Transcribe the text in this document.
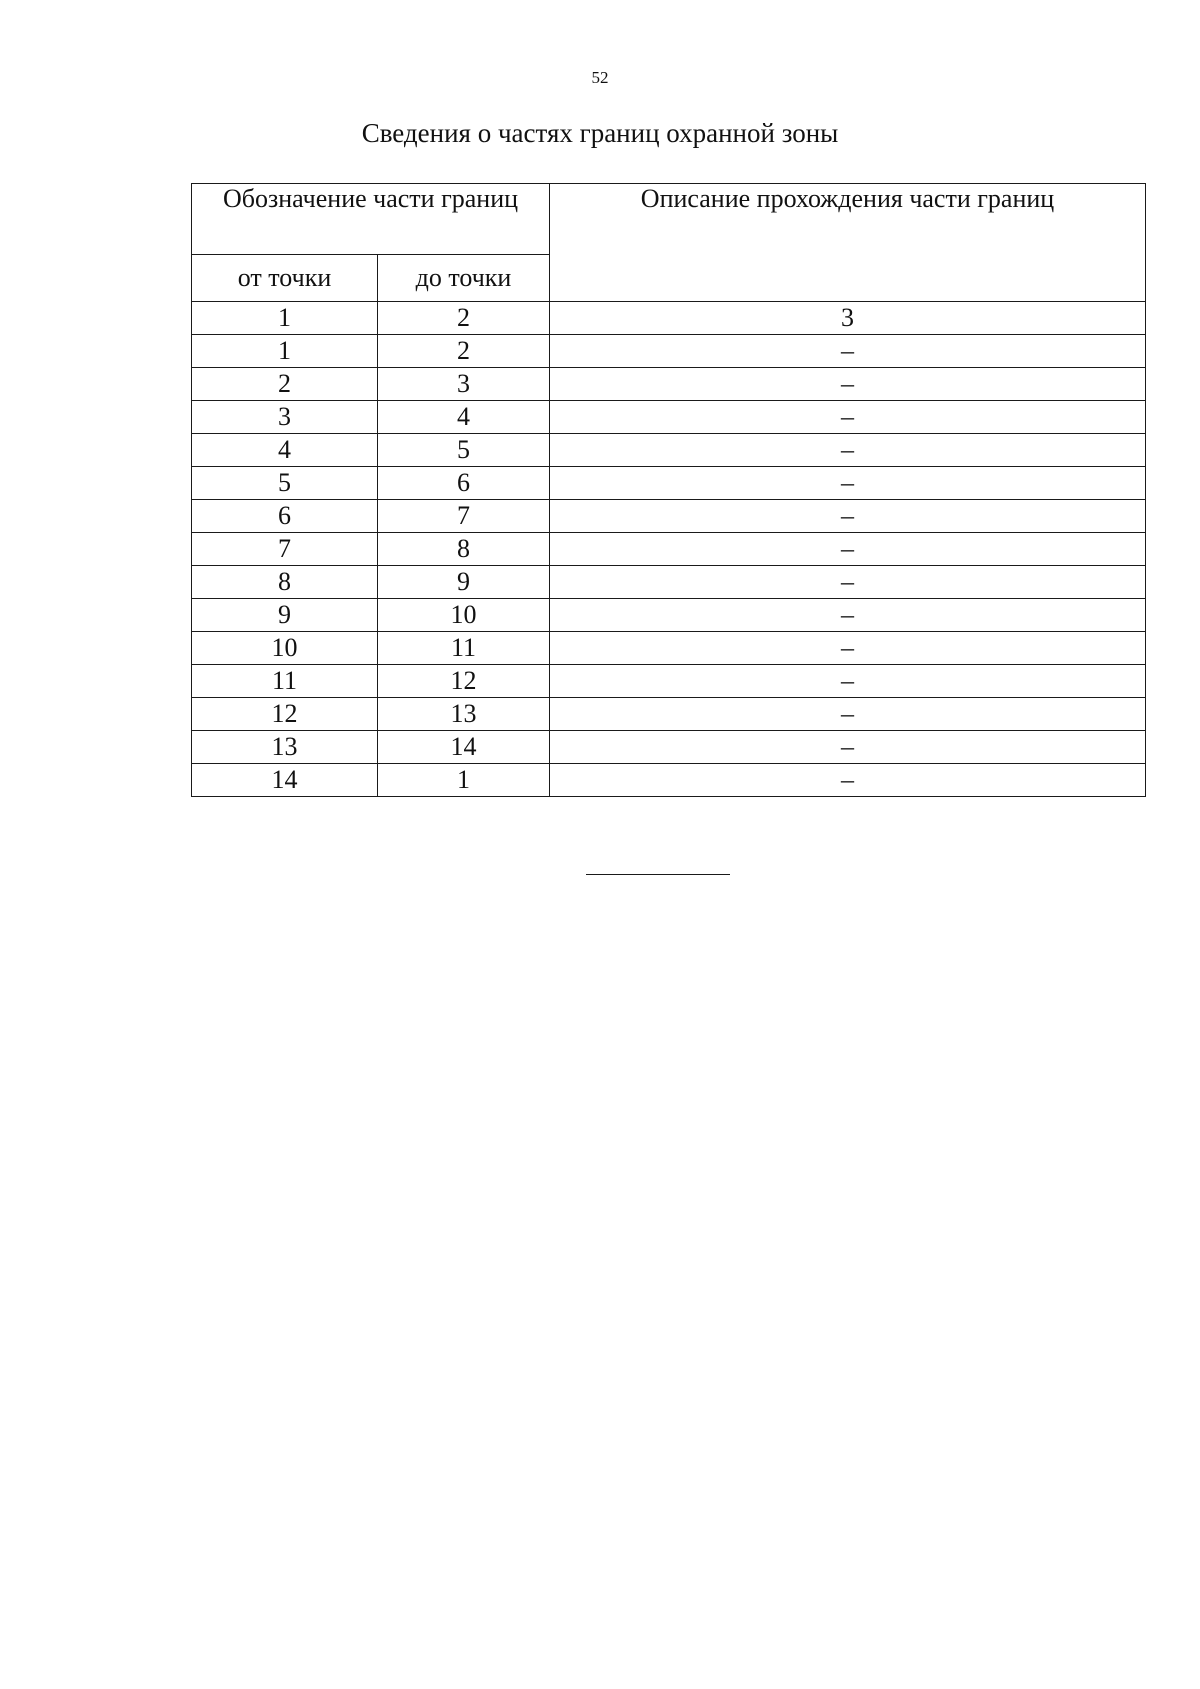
52
Сведения о частях границ охранной зоны
Обозначение части границ		Описание прохождения части границ
от точки	до точки	
1	2	3
1	2	–
2	3	–
3	4	–
4	5	–
5	6	–
6	7	–
7	8	–
8	9	–
9	10	–
10	11	–
11	12	–
12	13	–
13	14	–
14	1	–
